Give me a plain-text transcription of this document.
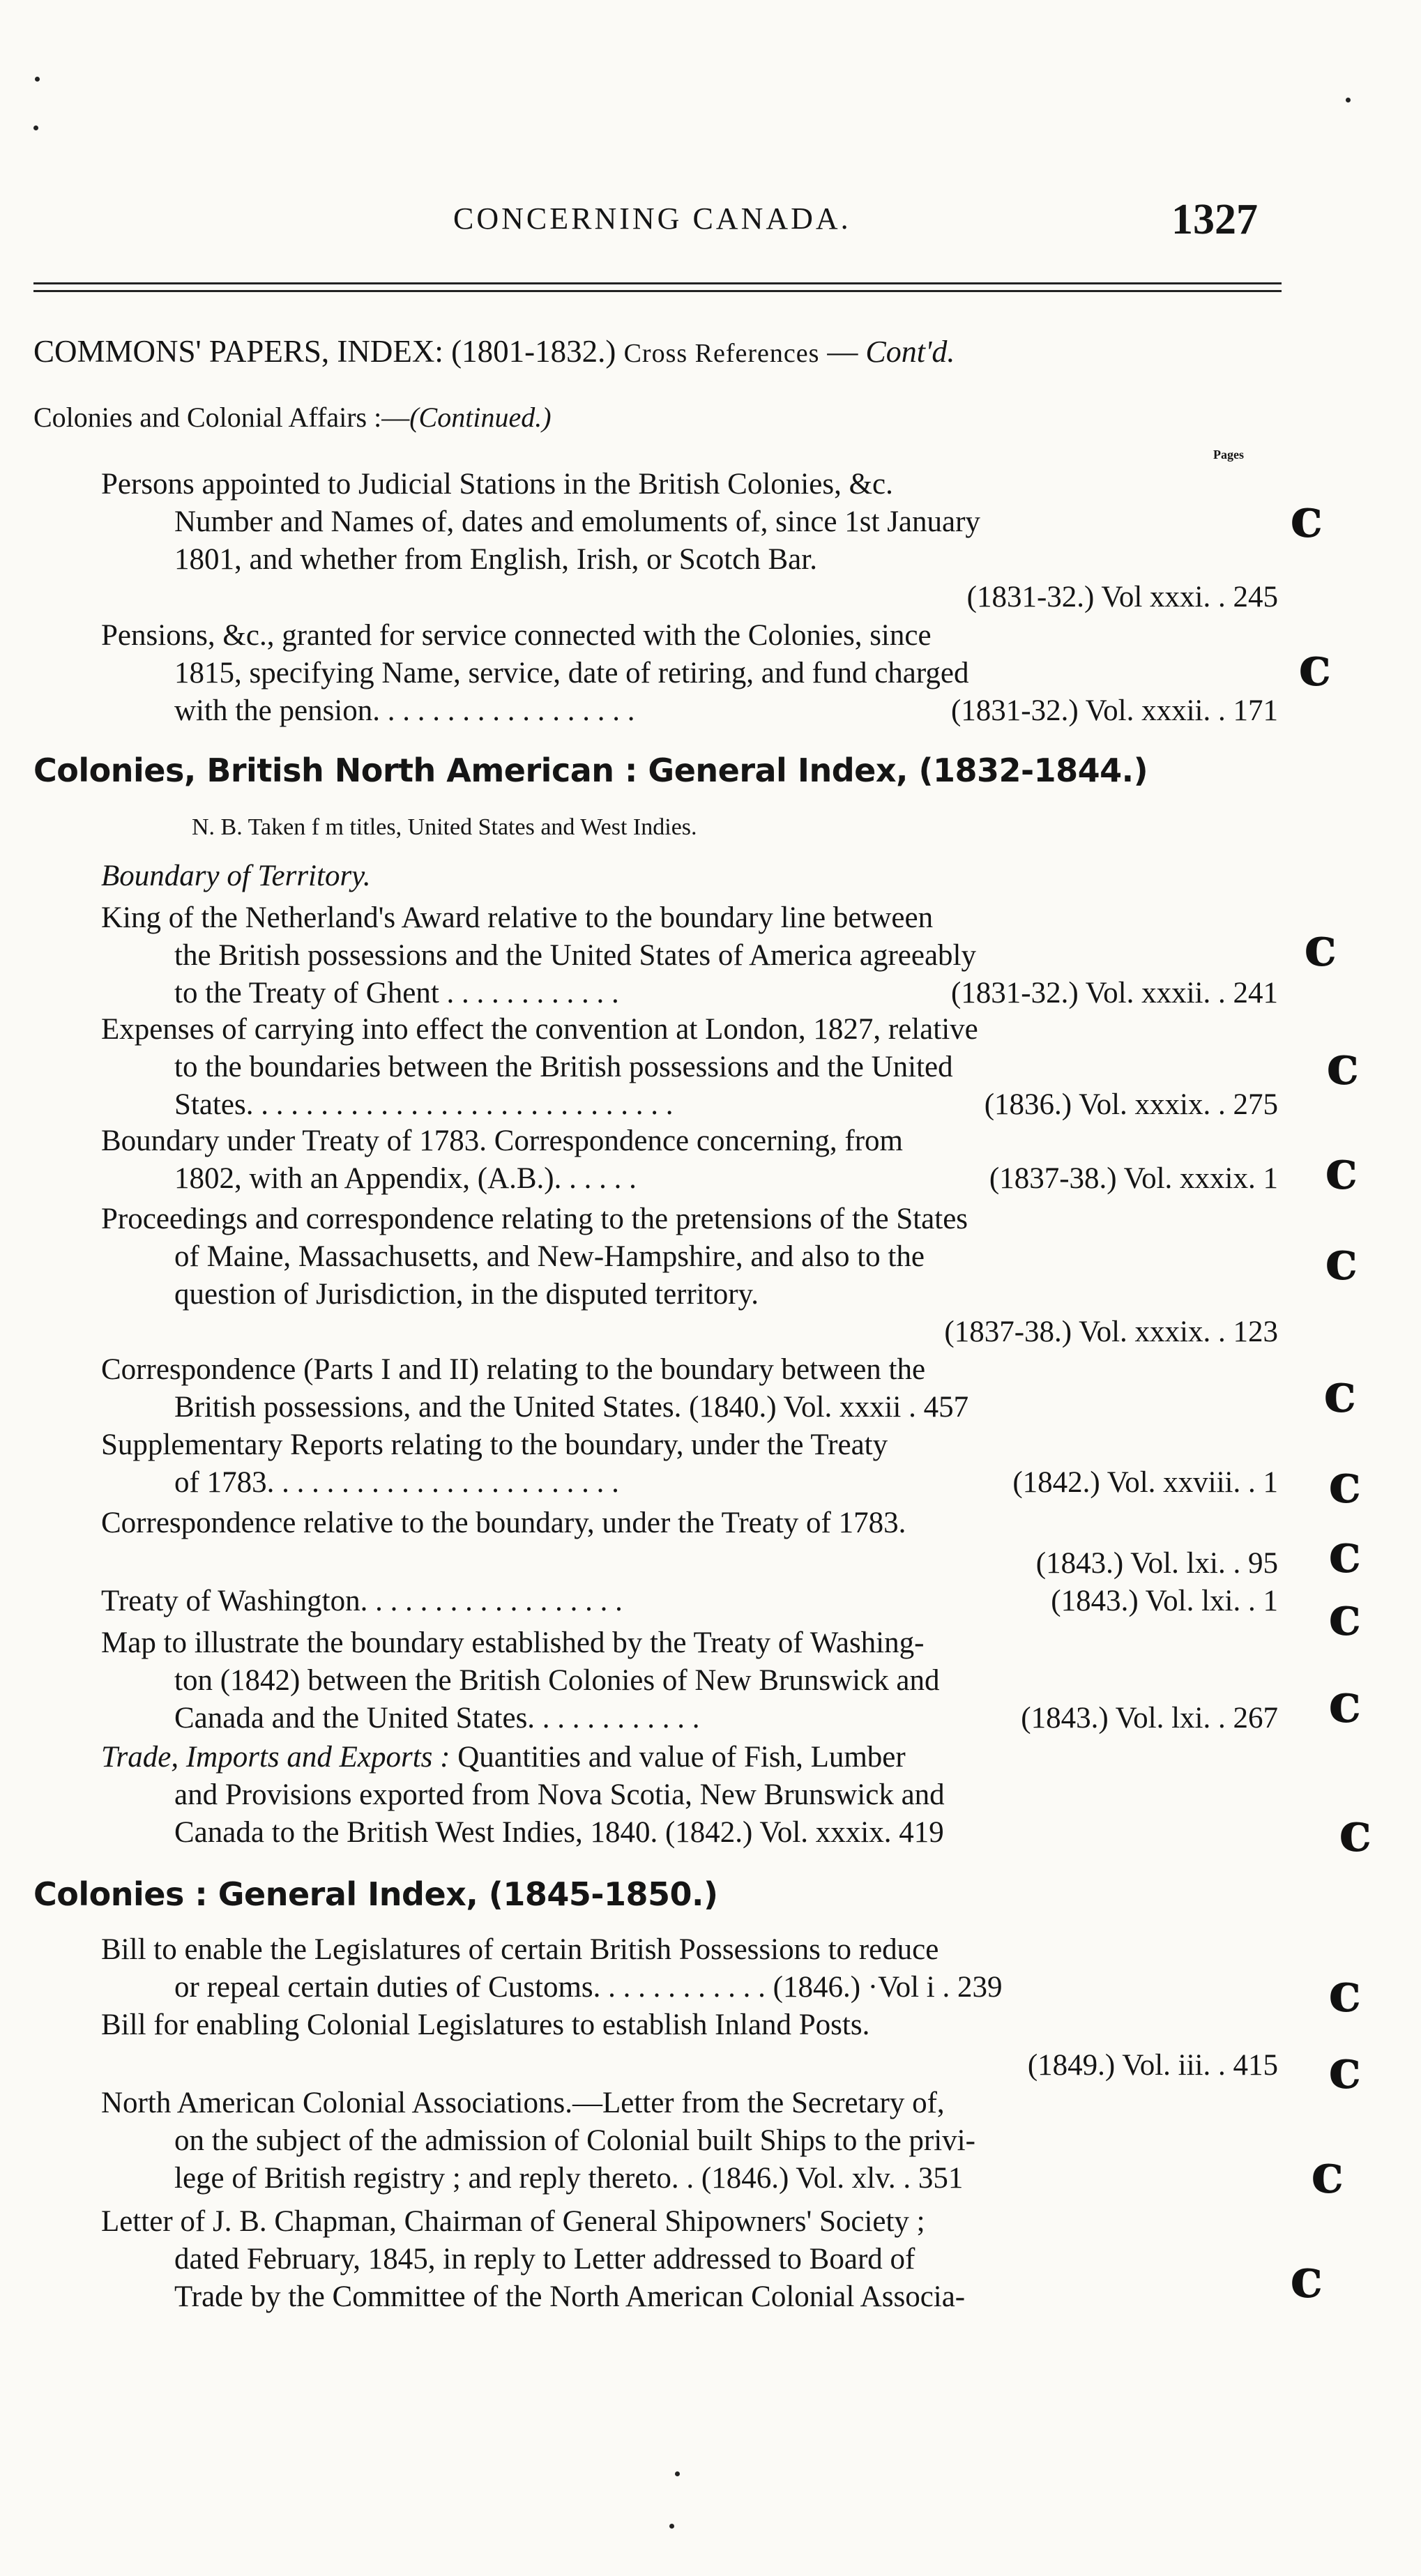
CONCERNING CANADA.	1327
COMMONS' PAPERS, INDEX: (1801-1832.) Cross References — Cont'd.
Colonies and Colonial Affairs :—(Continued.)
Pages
Persons appointed to Judicial Stations in the British Colonies, &c.
Number and Names of, dates and emoluments of, since 1st January
1801, and whether from English, Irish, or Scotch Bar.
(1831-32.) Vol xxxi. . 245
Pensions, &c., granted for service connected with the Colonies, since
1815, specifying Name, service, date of retiring, and fund charged
with the pension. . . . . . . . . . . . . . . . . .	(1831-32.) Vol. xxxii. . 171
Colonies, British North American : General Index, (1832-1844.)
N. B. Taken f m titles, United States and West Indies.
Boundary of Territory.
King of the Netherland's Award relative to the boundary line between
the British possessions and the United States of America agreeably
to the Treaty of Ghent . . . . . . . . . . . .	(1831-32.) Vol. xxxii. . 241
Expenses of carrying into effect the convention at London, 1827, relative
to the boundaries between the British possessions and the United
States. . . . . . . . . . . . . . . . . . . . . . . . . . . . .	(1836.) Vol. xxxix. . 275
Boundary under Treaty of 1783. Correspondence concerning, from
1802, with an Appendix, (A.B.). . . . . .	(1837-38.) Vol. xxxix. 1
Proceedings and correspondence relating to the pretensions of the States
of Maine, Massachusetts, and New-Hampshire, and also to the
question of Jurisdiction, in the disputed territory.
(1837-38.) Vol. xxxix. . 123
Correspondence (Parts I and II) relating to the boundary between the
British possessions, and the United States. (1840.) Vol. xxxii . 457
Supplementary Reports relating to the boundary, under the Treaty
of 1783. . . . . . . . . . . . . . . . . . . . . . . .	(1842.) Vol. xxviii. . 1
Correspondence relative to the boundary, under the Treaty of 1783.
(1843.) Vol. lxi. . 95
Treaty of Washington. . . . . . . . . . . . . . . . . .	(1843.) Vol. lxi. . 1
Map to illustrate the boundary established by the Treaty of Washing-
ton (1842) between the British Colonies of New Brunswick and
Canada and the United States. . . . . . . . . . . .	(1843.) Vol. lxi. . 267
Trade, Imports and Exports : Quantities and value of Fish, Lumber
and Provisions exported from Nova Scotia, New Brunswick and
Canada to the British West Indies, 1840. (1842.) Vol. xxxix. 419
Colonies : General Index, (1845-1850.)
Bill to enable the Legislatures of certain British Possessions to reduce
or repeal certain duties of Customs. . . . . . . . . . . . (1846.) ·Vol i . 239
Bill for enabling Colonial Legislatures to establish Inland Posts.
(1849.) Vol. iii. . 415
North American Colonial Associations.—Letter from the Secretary of,
on the subject of the admission of Colonial built Ships to the privi-
lege of British registry ; and reply thereto. . (1846.) Vol. xlv. . 351
Letter of J. B. Chapman, Chairman of General Shipowners' Society ;
dated February, 1845, in reply to Letter addressed to Board of
Trade by the Committee of the North American Colonial Associa-
c
c
c
c
c
c
c
c
c
c
c
c
c
c
c
c
